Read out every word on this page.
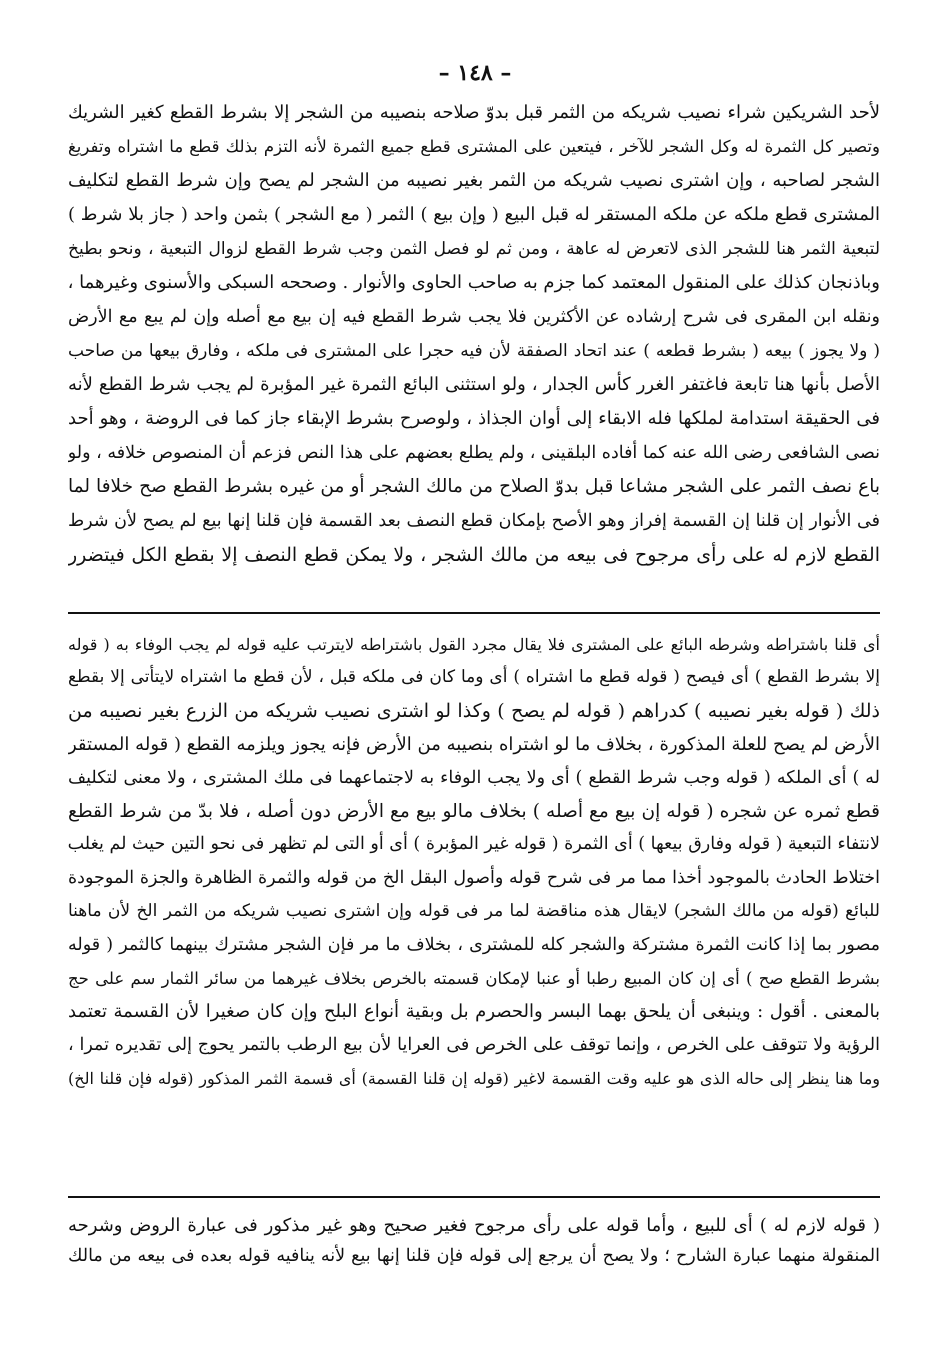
– ١٤٨ –
لأحد الشريكين شراء نصيب شريكه من الثمر قبل بدوّ صلاحه بنصيبه من الشجر إلا بشرط القطع كغير الشريك
وتصير كل الثمرة له وكل الشجر للآخر ، فيتعين على المشترى قطع جميع الثمرة لأنه التزم بذلك قطع ما اشتراه وتفريغ
الشجر لصاحبه ، وإن اشترى نصيب شريكه من الثمر بغير نصيبه من الشجر لم يصح وإن شرط القطع لتكليف
المشترى قطع ملكه عن ملكه المستقر له قبل البيع ( وإن بيع ) الثمر ( مع الشجر ) بثمن واحد ( جاز بلا شرط )
لتبعية الثمر هنا للشجر الذى لاتعرض له عاهة ، ومن ثم لو فصل الثمن وجب شرط القطع لزوال التبعية ، ونحو بطيخ
وباذنجان كذلك على المنقول المعتمد كما جزم به صاحب الحاوى والأنوار . وصححه السبكى والأسنوى وغيرهما ،
ونقله ابن المقرى فى شرح إرشاده عن الأكثرين فلا يجب شرط القطع فيه إن بيع مع أصله وإن لم يبع مع الأرض
( ولا يجوز ) بيعه ( بشرط قطعه ) عند اتحاد الصفقة لأن فيه حجرا على المشترى فى ملكه ، وفارق بيعها من صاحب
الأصل بأنها هنا تابعة فاغتفر الغرر كأس الجدار ، ولو استثنى البائع الثمرة غير المؤبرة لم يجب شرط القطع لأنه
فى الحقيقة استدامة لملكها فله الابقاء إلى أوان الجذاذ ، ولوصرح بشرط الإبقاء جاز كما فى الروضة ، وهو أحد
نصى الشافعى رضى الله عنه كما أفاده البلقينى ، ولم يطلع بعضهم على هذا النص فزعم أن المنصوص خلافه ، ولو
باع نصف الثمر على الشجر مشاعا قبل بدوّ الصلاح من مالك الشجر أو من غيره بشرط القطع صح خلافا لما
فى الأنوار إن قلنا إن القسمة إفراز وهو الأصح بإمكان قطع النصف بعد القسمة فإن قلنا إنها بيع لم يصح لأن شرط
القطع لازم له على رأى مرجوح فى بيعه من مالك الشجر ، ولا يمكن قطع النصف إلا بقطع الكل فيتضرر
أى قلنا باشتراطه وشرطه البائع على المشترى فلا يقال مجرد القول باشتراطه لايترتب عليه قوله لم يجب الوفاء به ( قوله
إلا بشرط القطع ) أى فيصح ( قوله قطع ما اشتراه ) أى وما كان فى ملكه قبل ، لأن قطع ما اشتراه لايتأتى إلا بقطع
ذلك ( قوله بغير نصيبه ) كدراهم ( قوله لم يصح ) وكذا لو اشترى نصيب شريكه من الزرع بغير نصيبه من
الأرض لم يصح للعلة المذكورة ، بخلاف ما لو اشتراه بنصيبه من الأرض فإنه يجوز ويلزمه القطع ( قوله المستقر
له ) أى الملكه ( قوله وجب شرط القطع ) أى ولا يجب الوفاء به لاجتماعهما فى ملك المشترى ، ولا معنى لتكليف
قطع ثمره عن شجره ( قوله إن بيع مع أصله ) بخلاف مالو بيع مع الأرض دون أصله ، فلا بدّ من شرط القطع
لانتفاء التبعية ( قوله وفارق بيعها ) أى الثمرة ( قوله غير المؤبرة ) أى أو التى لم تظهر فى نحو التين حيث لم يغلب
اختلاط الحادث بالموجود أخذا مما مر فى شرح قوله وأصول البقل الخ من قوله والثمرة الظاهرة والجزة الموجودة
للبائع (قوله من مالك الشجر) لايقال هذه مناقضة لما مر فى قوله وإن اشترى نصيب شريكه من الثمر الخ لأن ماهنا
مصور بما إذا كانت الثمرة مشتركة والشجر كله للمشترى ، بخلاف ما مر فإن الشجر مشترك بينهما كالثمر ( قوله
بشرط القطع صح ) أى إن كان المبيع رطبا أو عنبا لإمكان قسمته بالخرص بخلاف غيرهما من سائر الثمار سم على حج
بالمعنى . أقول : وينبغى أن يلحق بهما البسر والحصرم بل وبقية أنواع البلح وإن كان صغيرا لأن القسمة تعتمد
الرؤية ولا تتوقف على الخرص ، وإنما توقف على الخرص فى العرايا لأن بيع الرطب بالتمر يحوج إلى تقديره تمرا ،
وما هنا ينظر إلى حاله الذى هو عليه وقت القسمة لاغير (قوله إن قلنا القسمة) أى قسمة الثمر المذكور (قوله فإن قلنا الخ)
( قوله لازم له ) أى للبيع ، وأما قوله على رأى مرجوح فغير صحيح وهو غير مذكور فى عبارة الروض وشرحه
المنقولة منهما عبارة الشارح ؛ ولا يصح أن يرجع إلى قوله فإن قلنا إنها بيع لأنه ينافيه قوله بعده فى بيعه من مالك
